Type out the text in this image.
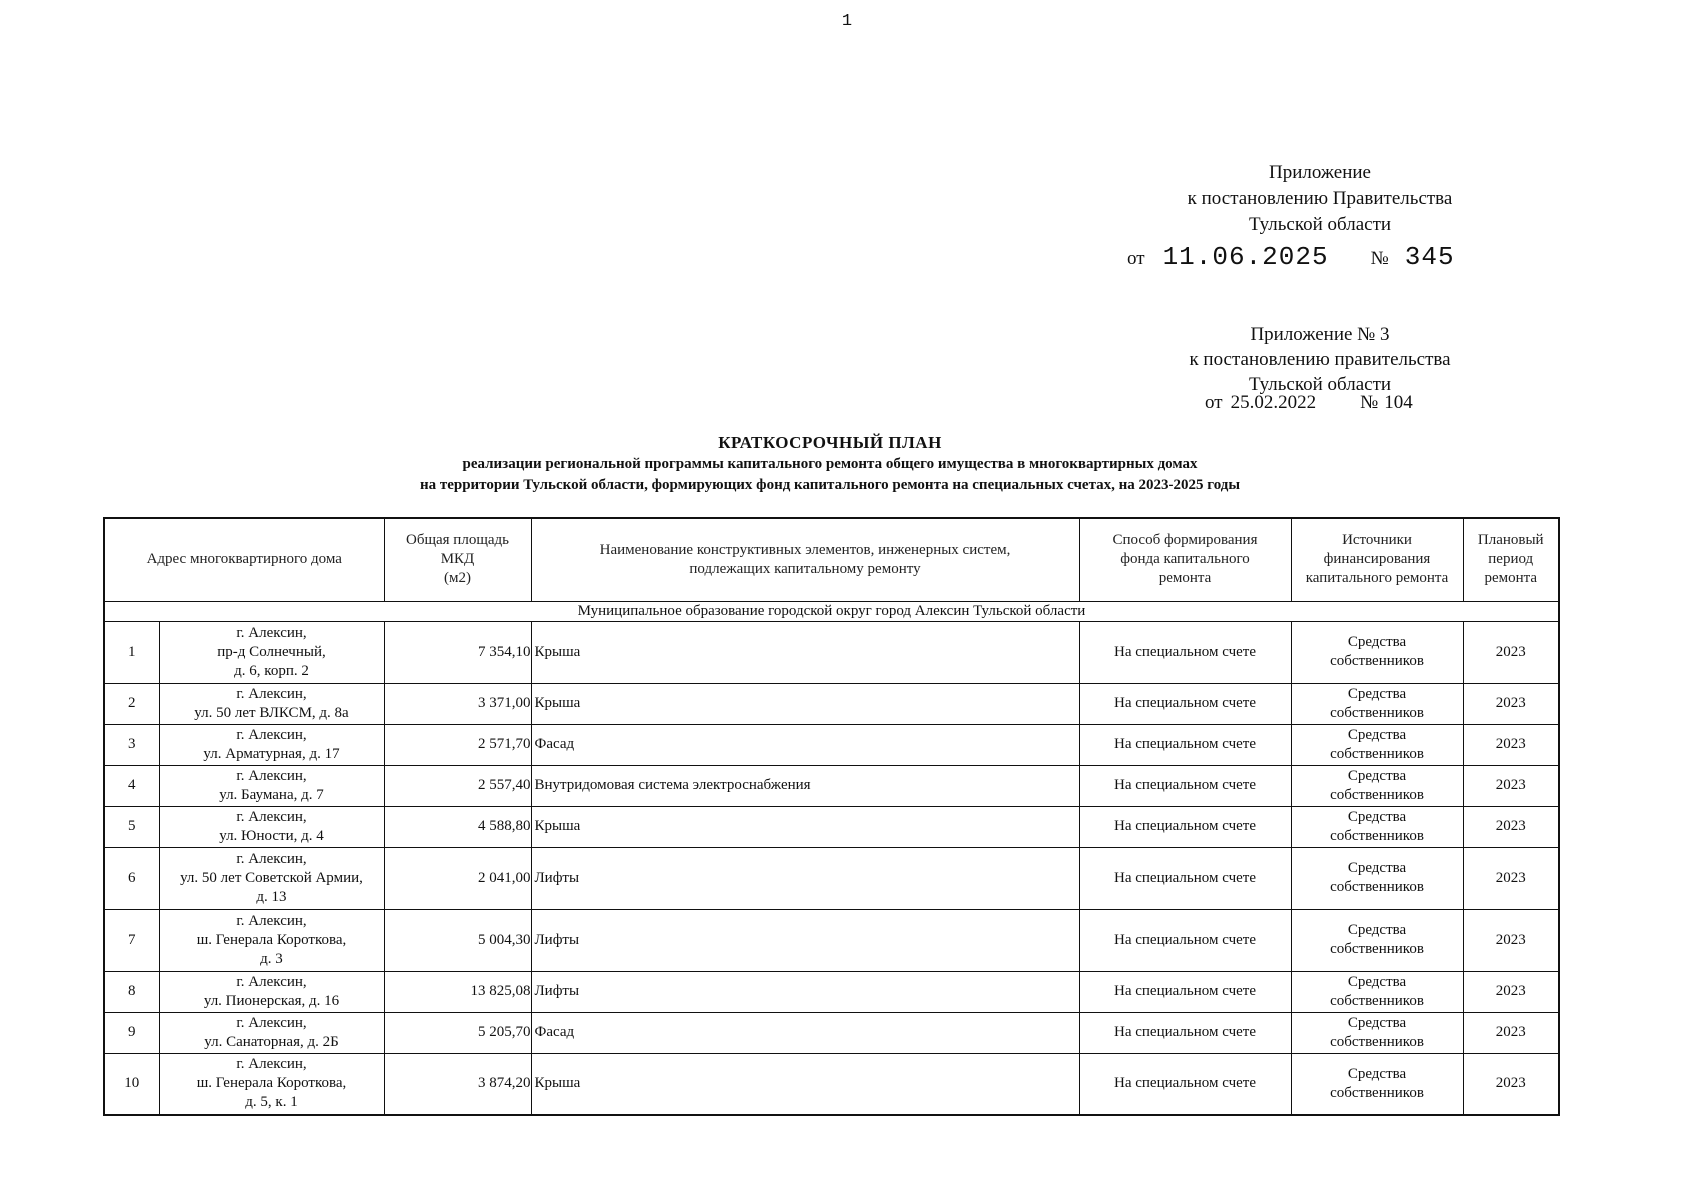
1
Приложение
к постановлению Правительства
Тульской области
от 11.06.2025 № 345
Приложение № 3
к постановлению правительства
Тульской области
от 25.02.2022 № 104
КРАТКОСРОЧНЫЙ ПЛАН
реализации региональной программы капитального ремонта общего имущества в многоквартирных домах
на территории Тульской области, формирующих фонд капитального ремонта на специальных счетах, на 2023-2025 годы
Адрес многоквартирного дома		Общая площадь
МКД
(м2)	Наименование конструктивных элементов, инженерных систем,
подлежащих капитальному ремонту	Способ формирования
фонда капитального
ремонта	Источники
финансирования
капитального ремонта	Плановый
период
ремонта
Муниципальное образование городской округ город Алексин Тульской области						
1	г. Алексин,
пр-д Солнечный,
д. 6, корп. 2	7 354,10	Крыша	На специальном счете	Средства
собственников	2023
2	г. Алексин,
ул. 50 лет ВЛКСМ, д. 8а	3 371,00	Крыша	На специальном счете	Средства
собственников	2023
3	г. Алексин,
ул. Арматурная, д. 17	2 571,70	Фасад	На специальном счете	Средства
собственников	2023
4	г. Алексин,
ул. Баумана, д. 7	2 557,40	Внутридомовая система электроснабжения	На специальном счете	Средства
собственников	2023
5	г. Алексин,
ул. Юности, д. 4	4 588,80	Крыша	На специальном счете	Средства
собственников	2023
6	г. Алексин,
ул. 50 лет Советской Армии,
д. 13	2 041,00	Лифты	На специальном счете	Средства
собственников	2023
7	г. Алексин,
ш. Генерала Короткова,
д. 3	5 004,30	Лифты	На специальном счете	Средства
собственников	2023
8	г. Алексин,
ул. Пионерская, д. 16	13 825,08	Лифты	На специальном счете	Средства
собственников	2023
9	г. Алексин,
ул. Санаторная, д. 2Б	5 205,70	Фасад	На специальном счете	Средства
собственников	2023
10	г. Алексин,
ш. Генерала Короткова,
д. 5, к. 1	3 874,20	Крыша	На специальном счете	Средства
собственников	2023
